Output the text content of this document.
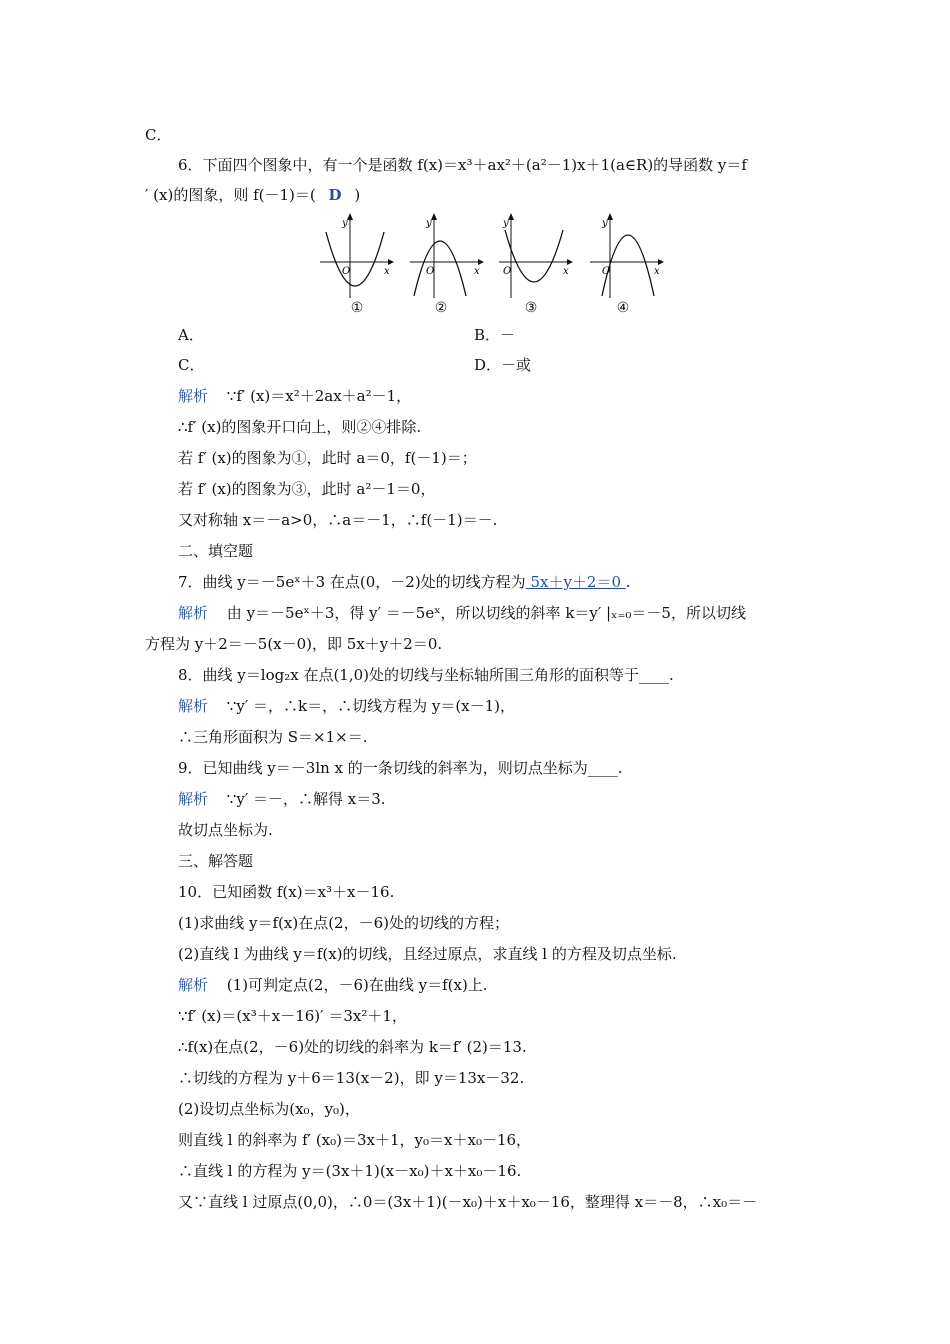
C．
6．下面四个图象中，有一个是函数 f(x)＝x³＋ax²＋(a²－1)x＋1(a∈R)的导函数 y＝f
′ (x)的图象，则 f(－1)＝( D )
y
x
O
y
x
O
y
x
O
y
x
O
①	②	③	④
A．	B．－
C．	D．－或
解析 ∵f′ (x)＝x²＋2ax＋a²－1，
∴f′ (x)的图象开口向上，则②④排除.
若 f′ (x)的图象为①，此时 a＝0，f(－1)＝；
若 f′ (x)的图象为③，此时 a²－1＝0，
又对称轴 x＝－a>0，∴a＝－1，∴f(－1)＝－.
二、填空题
7．曲线 y＝－5eˣ＋3 在点(0，－2)处的切线方程为 5x＋y＋2＝0 .
解析 由 y＝－5eˣ＋3，得 y′ ＝－5eˣ，所以切线的斜率 k＝y′ |ₓ₌₀＝－5，所以切线
方程为 y＋2＝－5(x－0)，即 5x＋y＋2＝0.
8．曲线 y＝log₂x 在点(1,0)处的切线与坐标轴所围三角形的面积等于____.
解析 ∵y′ ＝，∴k＝，∴切线方程为 y＝(x－1)，
∴三角形面积为 S＝×1×＝.
9．已知曲线 y＝－3ln x 的一条切线的斜率为，则切点坐标为____.
解析 ∵y′ ＝－，∴解得 x＝3.
故切点坐标为.
三、解答题
10．已知函数 f(x)＝x³＋x－16.
(1)求曲线 y＝f(x)在点(2，－6)处的切线的方程；
(2)直线 l 为曲线 y＝f(x)的切线，且经过原点，求直线 l 的方程及切点坐标.
解析 (1)可判定点(2，－6)在曲线 y＝f(x)上.
∵f′ (x)＝(x³＋x－16)′ ＝3x²＋1，
∴f(x)在点(2，－6)处的切线的斜率为 k＝f′ (2)＝13.
∴切线的方程为 y＋6＝13(x－2)，即 y＝13x－32.
(2)设切点坐标为(x₀，y₀)，
则直线 l 的斜率为 f′ (x₀)＝3x＋1，y₀＝x＋x₀－16，
∴直线 l 的方程为 y＝(3x＋1)(x－x₀)＋x＋x₀－16.
又∵直线 l 过原点(0,0)，∴0＝(3x＋1)(－x₀)＋x＋x₀－16，整理得 x＝－8，∴x₀＝－
